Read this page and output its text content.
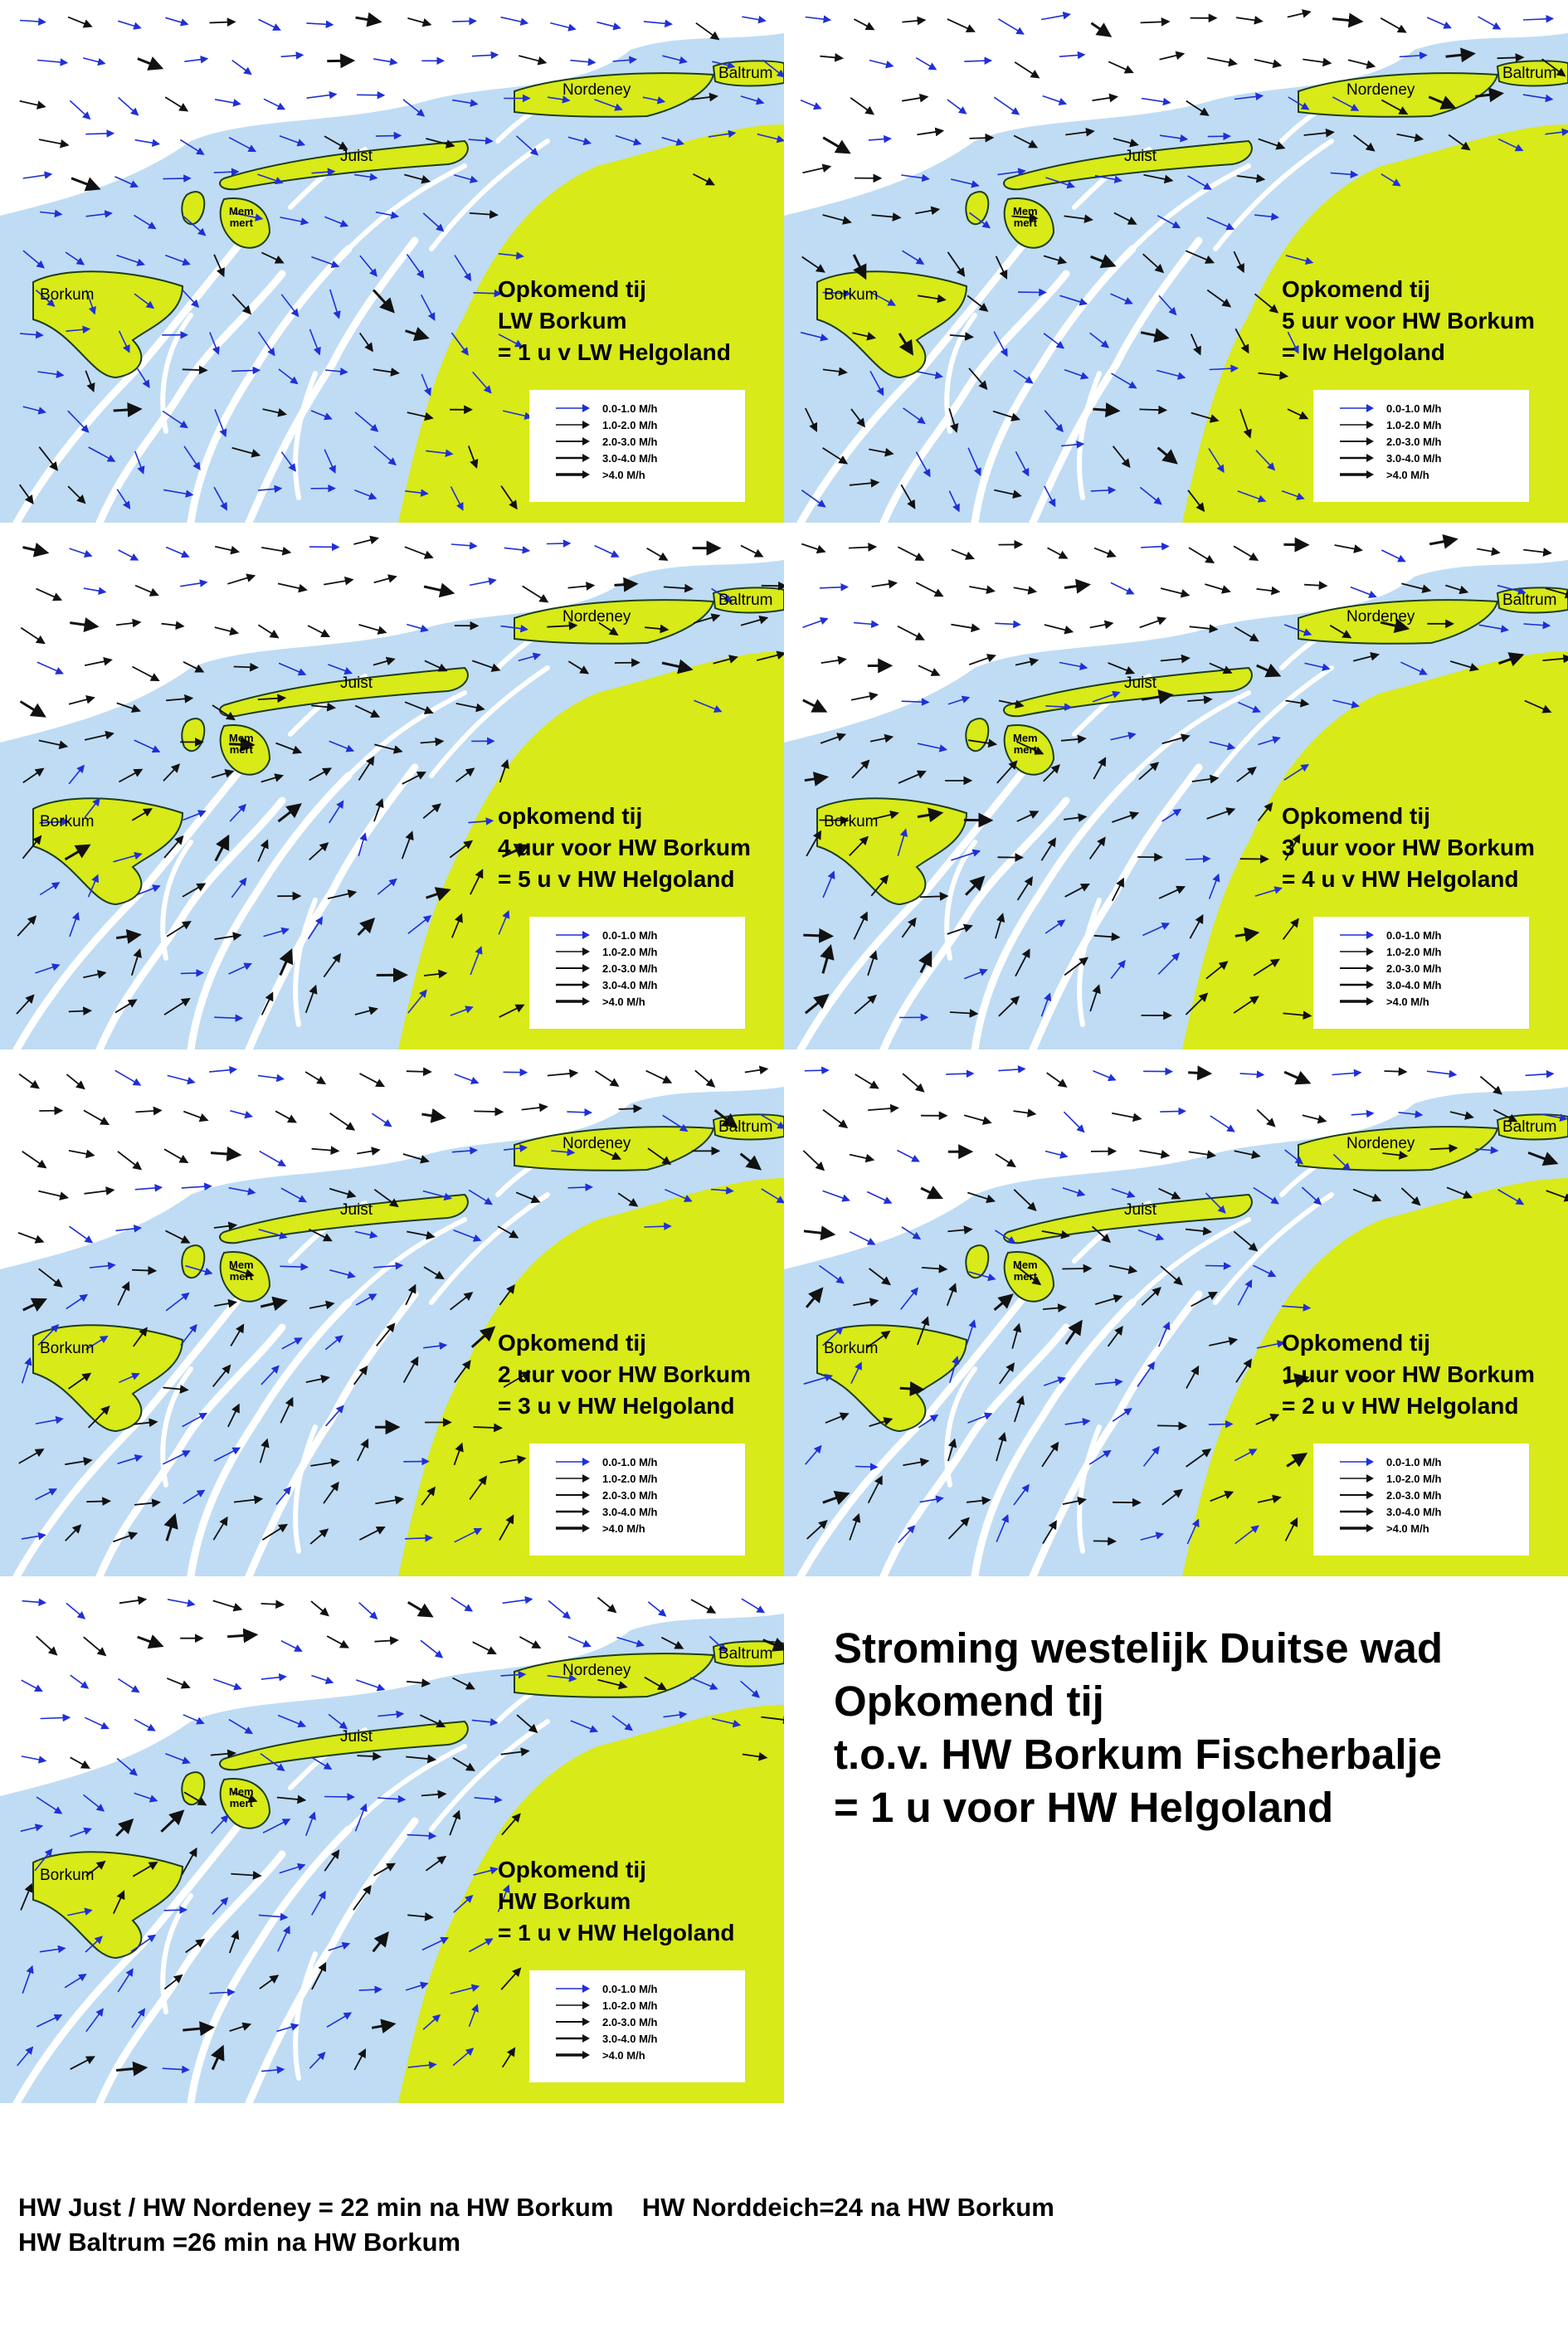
Borkum
Juist
Nordeney
Baltrum
Mem
mert
Opkomend tij
LW Borkum
= 1 u v LW Helgoland
0.0-1.0 M/h
1.0-2.0 M/h
2.0-3.0 M/h
3.0-4.0 M/h
>4.0 M/h
Borkum
Juist
Nordeney
Baltrum
Mem
mert
Opkomend tij
5 uur voor HW Borkum
= lw Helgoland
0.0-1.0 M/h
1.0-2.0 M/h
2.0-3.0 M/h
3.0-4.0 M/h
>4.0 M/h
Borkum
Juist
Nordeney
Baltrum
Mem
mert
opkomend tij
4 uur voor HW Borkum
= 5 u v HW Helgoland
0.0-1.0 M/h
1.0-2.0 M/h
2.0-3.0 M/h
3.0-4.0 M/h
>4.0 M/h
Borkum
Juist
Nordeney
Baltrum
Mem
mert
Opkomend tij
3 uur voor HW Borkum
= 4 u v HW Helgoland
0.0-1.0 M/h
1.0-2.0 M/h
2.0-3.0 M/h
3.0-4.0 M/h
>4.0 M/h
Borkum
Juist
Nordeney
Baltrum
Mem
mert
Opkomend tij
2 uur voor HW Borkum
= 3 u v HW Helgoland
0.0-1.0 M/h
1.0-2.0 M/h
2.0-3.0 M/h
3.0-4.0 M/h
>4.0 M/h
Borkum
Juist
Nordeney
Baltrum
Mem
mert
Opkomend tij
1 uur voor HW Borkum
= 2 u v HW Helgoland
0.0-1.0 M/h
1.0-2.0 M/h
2.0-3.0 M/h
3.0-4.0 M/h
>4.0 M/h
Borkum
Juist
Nordeney
Baltrum
Mem
mert
Opkomend tij
HW Borkum
= 1 u v HW Helgoland
0.0-1.0 M/h
1.0-2.0 M/h
2.0-3.0 M/h
3.0-4.0 M/h
>4.0 M/h
Stroming westelijk Duitse wad
Opkomend tij
t.o.v. HW Borkum Fischerbalje
= 1 u voor HW Helgoland
HW Just / HW Nordeney = 22 min na HW Borkum    HW Norddeich=24 na HW Borkum
HW Baltrum =26 min na HW Borkum
